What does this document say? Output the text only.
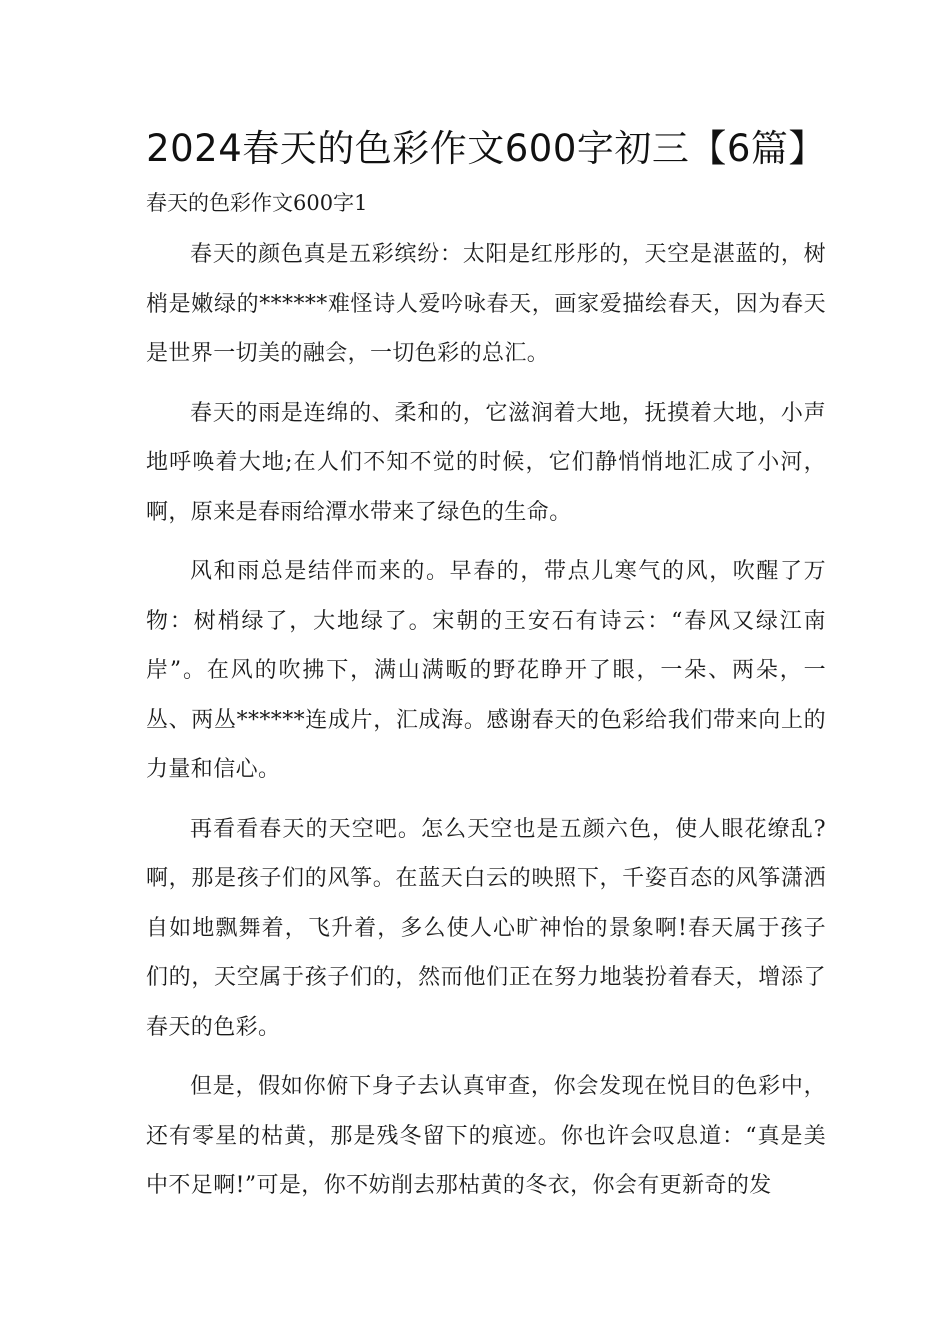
2024春天的色彩作文600字初三【6篇】
春天的色彩作文600字1

春天的颜色真是五彩缤纷：太阳是红彤彤的，天空是湛蓝的，树梢是嫩绿的******难怪诗人爱吟咏春天，画家爱描绘春天，因为春天是世界一切美的融会，一切色彩的总汇。

春天的雨是连绵的、柔和的，它滋润着大地，抚摸着大地，小声地呼唤着大地;在人们不知不觉的时候，它们静悄悄地汇成了小河，啊，原来是春雨给潭水带来了绿色的生命。

风和雨总是结伴而来的。早春的，带点儿寒气的风，吹醒了万物：树梢绿了，大地绿了。宋朝的王安石有诗云：“春风又绿江南岸”。在风的吹拂下，满山满畈的野花睁开了眼，一朵、两朵，一丛、两丛******连成片，汇成海。感谢春天的色彩给我们带来向上的力量和信心。

再看看春天的天空吧。怎么天空也是五颜六色，使人眼花缭乱?啊，那是孩子们的风筝。在蓝天白云的映照下，千姿百态的风筝潇洒自如地飘舞着，飞升着，多么使人心旷神怡的景象啊!春天属于孩子们的，天空属于孩子们的，然而他们正在努力地装扮着春天，增添了春天的色彩。

但是，假如你俯下身子去认真审查，你会发现在悦目的色彩中，还有零星的枯黄，那是残冬留下的痕迹。你也许会叹息道：“真是美中不足啊!”可是，你不妨削去那枯黄的冬衣，你会有更新奇的发
